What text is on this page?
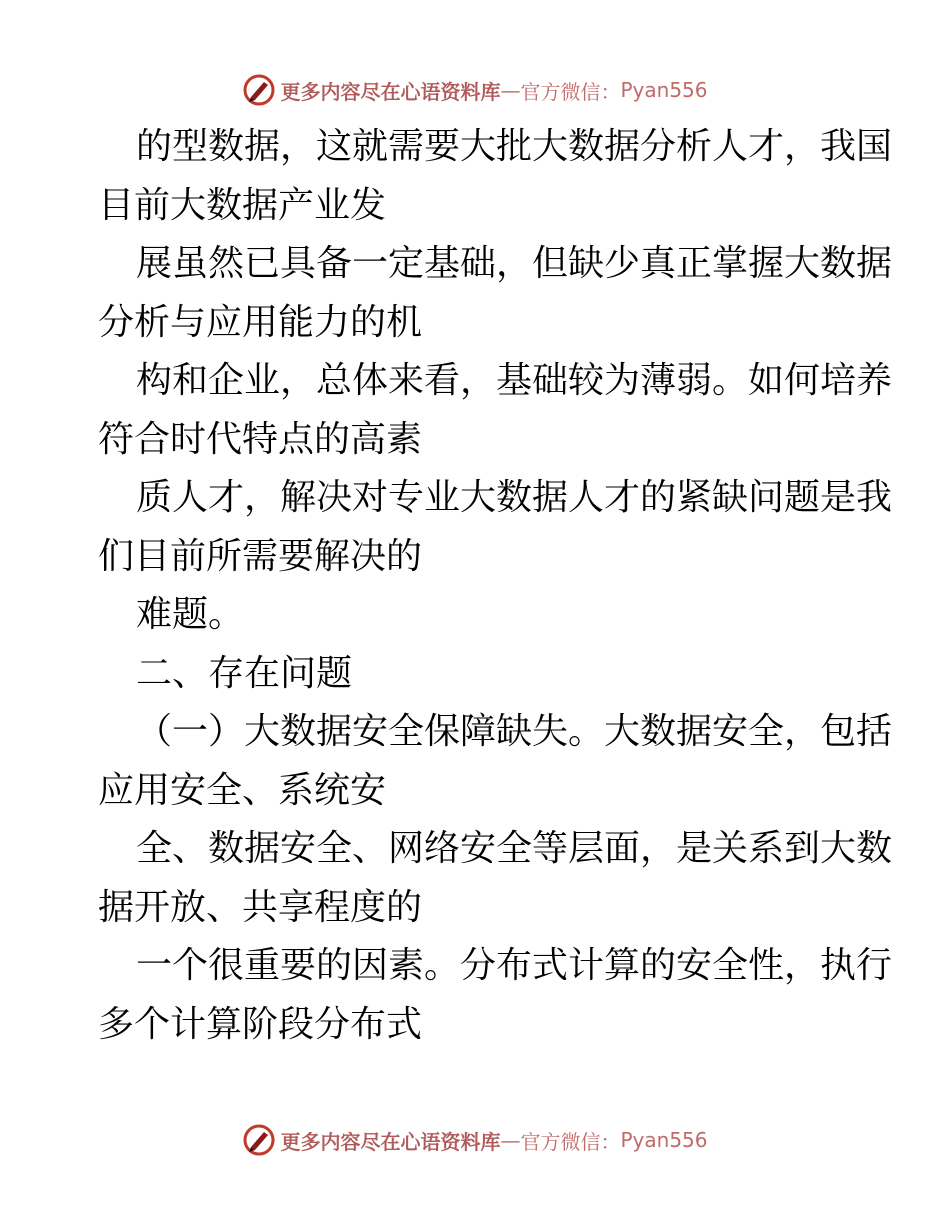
更多内容尽在心语资料库 — 官方微信： Pyan556
的型数据，这就需要大批大数据分析人才，我国
目前大数据产业发
展虽然已具备一定基础，但缺少真正掌握大数据
分析与应用能力的机
构和企业，总体来看，基础较为薄弱。如何培养
符合时代特点的高素
质人才，解决对专业大数据人才的紧缺问题是我
们目前所需要解决的
难题。
二、存在问题
（一）大数据安全保障缺失。大数据安全，包括
应用安全、系统安
全、数据安全、网络安全等层面，是关系到大数
据开放、共享程度的
一个很重要的因素。分布式计算的安全性，执行
多个计算阶段分布式
更多内容尽在心语资料库 — 官方微信： Pyan556
